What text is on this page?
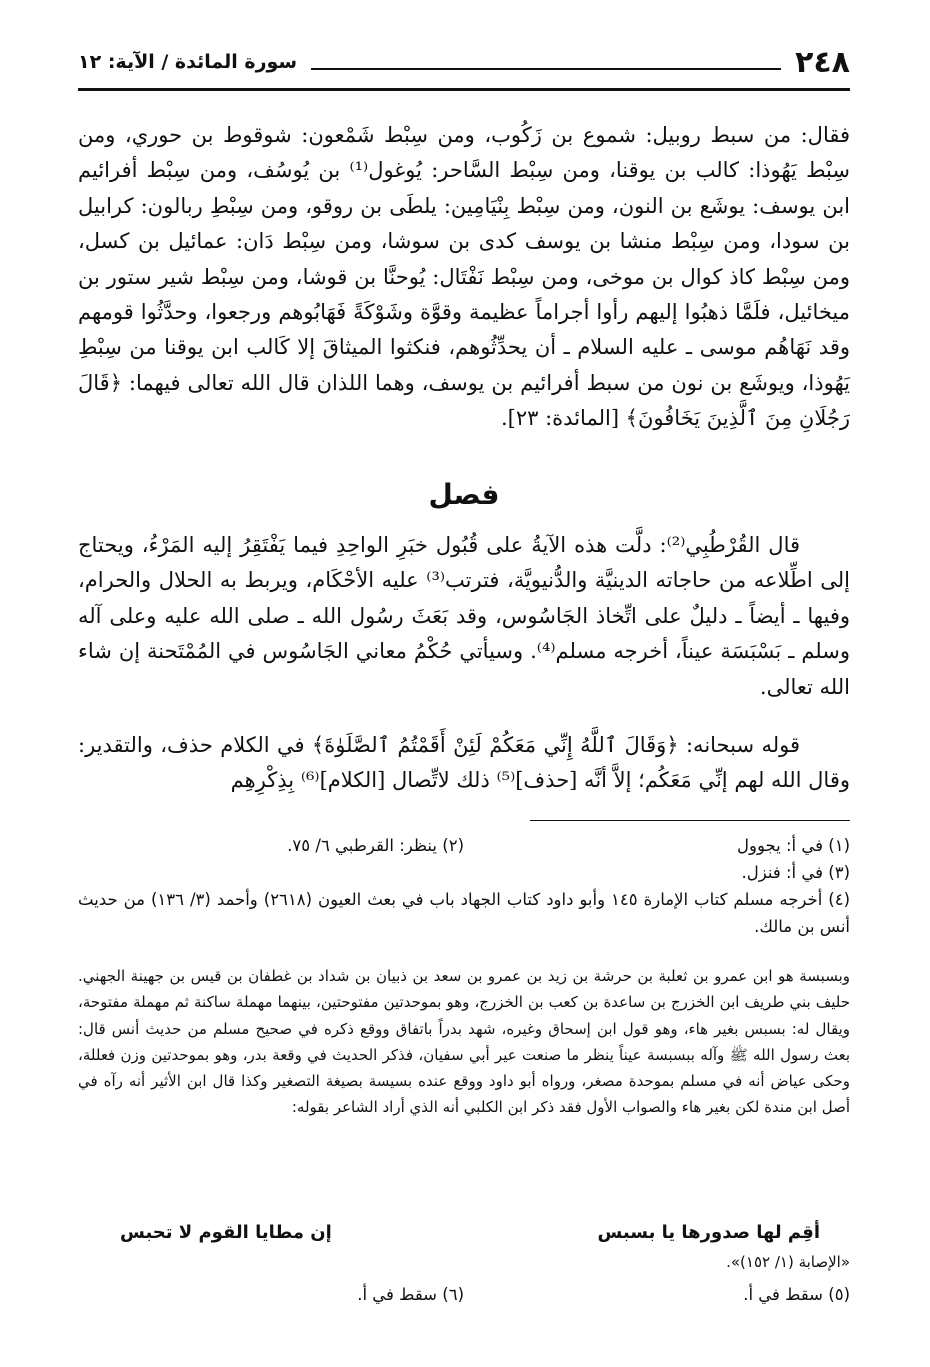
٢٤٨
سورة المائدة / الآية: ١٢

فقال: من سبط روبيل: شموع بن زَكُوب، ومن سِبْط شَمْعون: شوقوط بن حوري، ومن سِبْط يَهُوذا: كالب بن يوقنا، ومن سِبْط السَّاحر: يُوغول⁽¹⁾ بن يُوسُف، ومن سِبْط أفرائيم ابن يوسف: يوشَع بن النون، ومن سِبْط بِنْيَامِين: يلطَى بن روقو، ومن سِبْطِ ربالون: كرابيل بن سودا، ومن سِبْط منشا بن يوسف كدى بن سوشا، ومن سِبْط دَان: عمائيل بن كسل، ومن سِبْط كاذ كوال بن موخى، ومن سِبْط نَفْتَال: يُوحنَّا بن قوشا، ومن سِبْط شير ستور بن ميخائيل، فلَمَّا ذهبُوا إليهم رأوا أجراماً عظيمة وقوَّة وشَوْكَةً فَهَابُوهم ورجعوا، وحدَّثُوا قومهم وقد نَهَاهُم موسى ـ عليه السلام ـ أن يحدِّثُوهم، فنكثوا الميثاقَ إلا كَالب ابن يوقنا من سِبْطِ يَهُوذا، ويوشَع بن نون من سبط أفرائيم بن يوسف، وهما اللذان قال الله تعالى فيهما: ﴿قَالَ رَجُلَانِ مِنَ ٱلَّذِينَ يَخَافُونَ﴾ [المائدة: ٢٣].

فصل

قال القُرْطُبِي⁽²⁾: دلَّت هذه الآيةُ على قُبُول خبَرِ الواحِدِ فيما يَفْتَقِرُ إليه المَرْءُ، ويحتاج إلى اطِّلاعه من حاجاته الدينيَّة والدُّنيويَّة، فترتب⁽³⁾ عليه الأحْكَام، ويربط به الحلال والحرام، وفيها ـ أيضاً ـ دليلٌ على اتِّخاذ الجَاسُوس، وقد بَعَثَ رسُول الله ـ صلى الله عليه وعلى آله وسلم ـ بَسْبَسَة عيناً، أخرجه مسلم⁽⁴⁾. وسيأتي حُكْمُ معاني الجَاسُوس في المُمْتَحنة إن شاء الله تعالى.

قوله سبحانه: ﴿وَقَالَ ٱللَّهُ إِنِّي مَعَكُمْ لَئِنْ أَقَمْتُمُ ٱلصَّلَوٰةَ﴾ في الكلام حذف، والتقدير: وقال الله لهم إنِّي مَعَكُم؛ إلاَّ أنَّه [حذف]⁽⁵⁾ ذلك لاتِّصال [الكلام]⁽⁶⁾ بِذِكْرِهِم

(١) في أ: يجوول
(٢) ينظر: القرطبي ٦/ ٧٥.

(٣) في أ: فنزل.

(٤) أخرجه مسلم كتاب الإمارة ١٤٥ وأبو داود كتاب الجهاد باب في بعث العيون (٢٦١٨) وأحمد (٣/ ١٣٦) من حديث أنس بن مالك.

وبسبسة هو ابن عمرو بن ثعلبة بن حرشة بن زيد بن عمرو بن سعد بن ذبيان بن شداد بن غطفان بن قيس بن جهينة الجهني. حليف بني طريف ابن الخزرج بن ساعدة بن كعب بن الخزرج، وهو بموحدتين مفتوحتين، بينهما مهملة ساكنة ثم مهملة مفتوحة، ويقال له: بسبس بغير هاء، وهو قول ابن إسحاق وغيره، شهد بدراً باتفاق ووقع ذكره في صحيح مسلم من حديث أنس قال: بعث رسول الله ﷺ وآله ببسبسة عيناً ينظر ما صنعت عير أبي سفيان، فذكر الحديث في وقعة بدر، وهو بموحدتين وزن فعللة، وحكى عياض أنه في مسلم بموحدة مصغر، ورواه أبو داود ووقع عنده بسيسة بصيغة التصغير وكذا قال ابن الأثير أنه رآه في أصل ابن مندة لكن بغير هاء والصواب الأول فقد ذكر ابن الكلبي أنه الذي أراد الشاعر بقوله:

أقِم لها صدورها يا بسبس
إن مطايا القوم لا تحبس
«الإصابة (١/ ١٥٢)».
(٥) سقط في أ.
(٦) سقط في أ.
